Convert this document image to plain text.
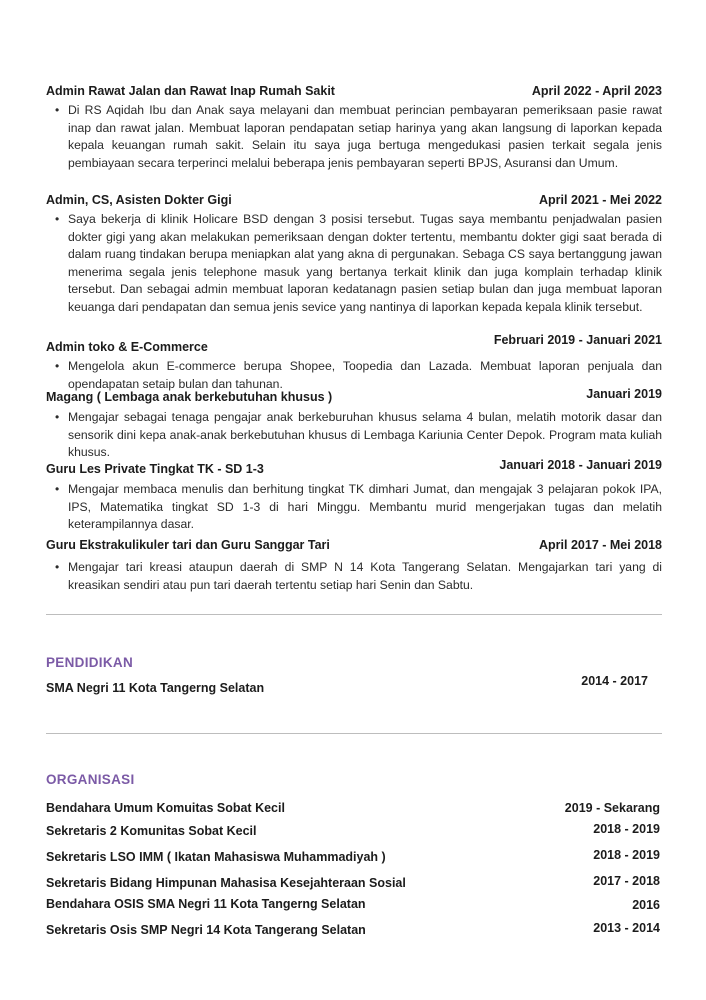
Admin Rawat Jalan dan Rawat Inap Rumah Sakit	April 2022 - April 2023
• Di RS Aqidah Ibu dan Anak saya melayani dan membuat perincian pembayaran pemeriksaan pasie rawat inap dan rawat jalan. Membuat laporan pendapatan setiap harinya yang akan langsung di laporkan kepada kepala keuangan rumah sakit. Selain itu saya juga bertuga mengedukasi pasien terkait segala jenis pembiayaan secara terperinci melalui beberapa jenis pembayaran seperti BPJS, Asuransi dan Umum.
Admin, CS, Asisten Dokter Gigi	April 2021 - Mei 2022
• Saya bekerja di klinik Holicare BSD dengan 3 posisi tersebut. Tugas saya membantu penjadwalan pasien dokter gigi yang akan melakukan pemeriksaan dengan dokter tertentu, membantu dokter gigi saat berada di dalam ruang tindakan berupa meniapkan alat yang akna di pergunakan. Sebaga CS saya bertanggung jawan menerima segala jenis telephone masuk yang bertanya terkait klinik dan juga komplain terhadap klinik tersebut. Dan sebagai admin membuat laporan kedatanagn pasien setiap bulan dan juga membuat laporan keuanga dari pendapatan dan semua jenis sevice yang nantinya di laporkan kepada kepala klinik tersebut.
Admin toko & E-Commerce	Februari 2019 - Januari 2021
• Mengelola akun E-commerce berupa Shopee, Toopedia dan Lazada. Membuat laporan penjuala dan opendapatan setaip bulan dan tahunan.
Magang ( Lembaga anak berkebutuhan khusus )	Januari 2019
• Mengajar sebagai tenaga pengajar anak berkeburuhan khusus selama 4 bulan, melatih motorik dasar dan sensorik dini kepa anak-anak berkebutuhan khusus di Lembaga Kariunia Center Depok. Program mata kuliah khusus.
Guru Les Private Tingkat TK - SD 1-3	Januari 2018 - Januari 2019
• Mengajar membaca menulis dan berhitung tingkat TK dimhari Jumat, dan mengajak 3 pelajaran pokok IPA, IPS, Matematika tingkat SD 1-3 di hari Minggu. Membantu murid mengerjakan tugas dan melatih keterampilannya dasar.
Guru Ekstrakulikuler tari dan Guru Sanggar Tari	April 2017 - Mei 2018
• Mengajar tari kreasi ataupun daerah di SMP N 14 Kota Tangerang Selatan. Mengajarkan tari yang di kreasikan sendiri atau pun tari daerah tertentu setiap hari Senin dan Sabtu.
PENDIDIKAN
SMA Negri 11 Kota Tangerng Selatan	2014 - 2017
ORGANISASI
Bendahara Umum Komuitas Sobat Kecil	2019 - Sekarang
Sekretaris 2 Komunitas Sobat Kecil	2018 - 2019
Sekretaris LSO IMM ( Ikatan Mahasiswa Muhammadiyah )	2018 - 2019
Sekretaris Bidang Himpunan Mahasisa Kesejahteraan Sosial	2017 - 2018
Bendahara OSIS SMA Negri 11 Kota Tangerng Selatan	2016
Sekretaris Osis SMP Negri 14 Kota Tangerang Selatan	2013 - 2014
